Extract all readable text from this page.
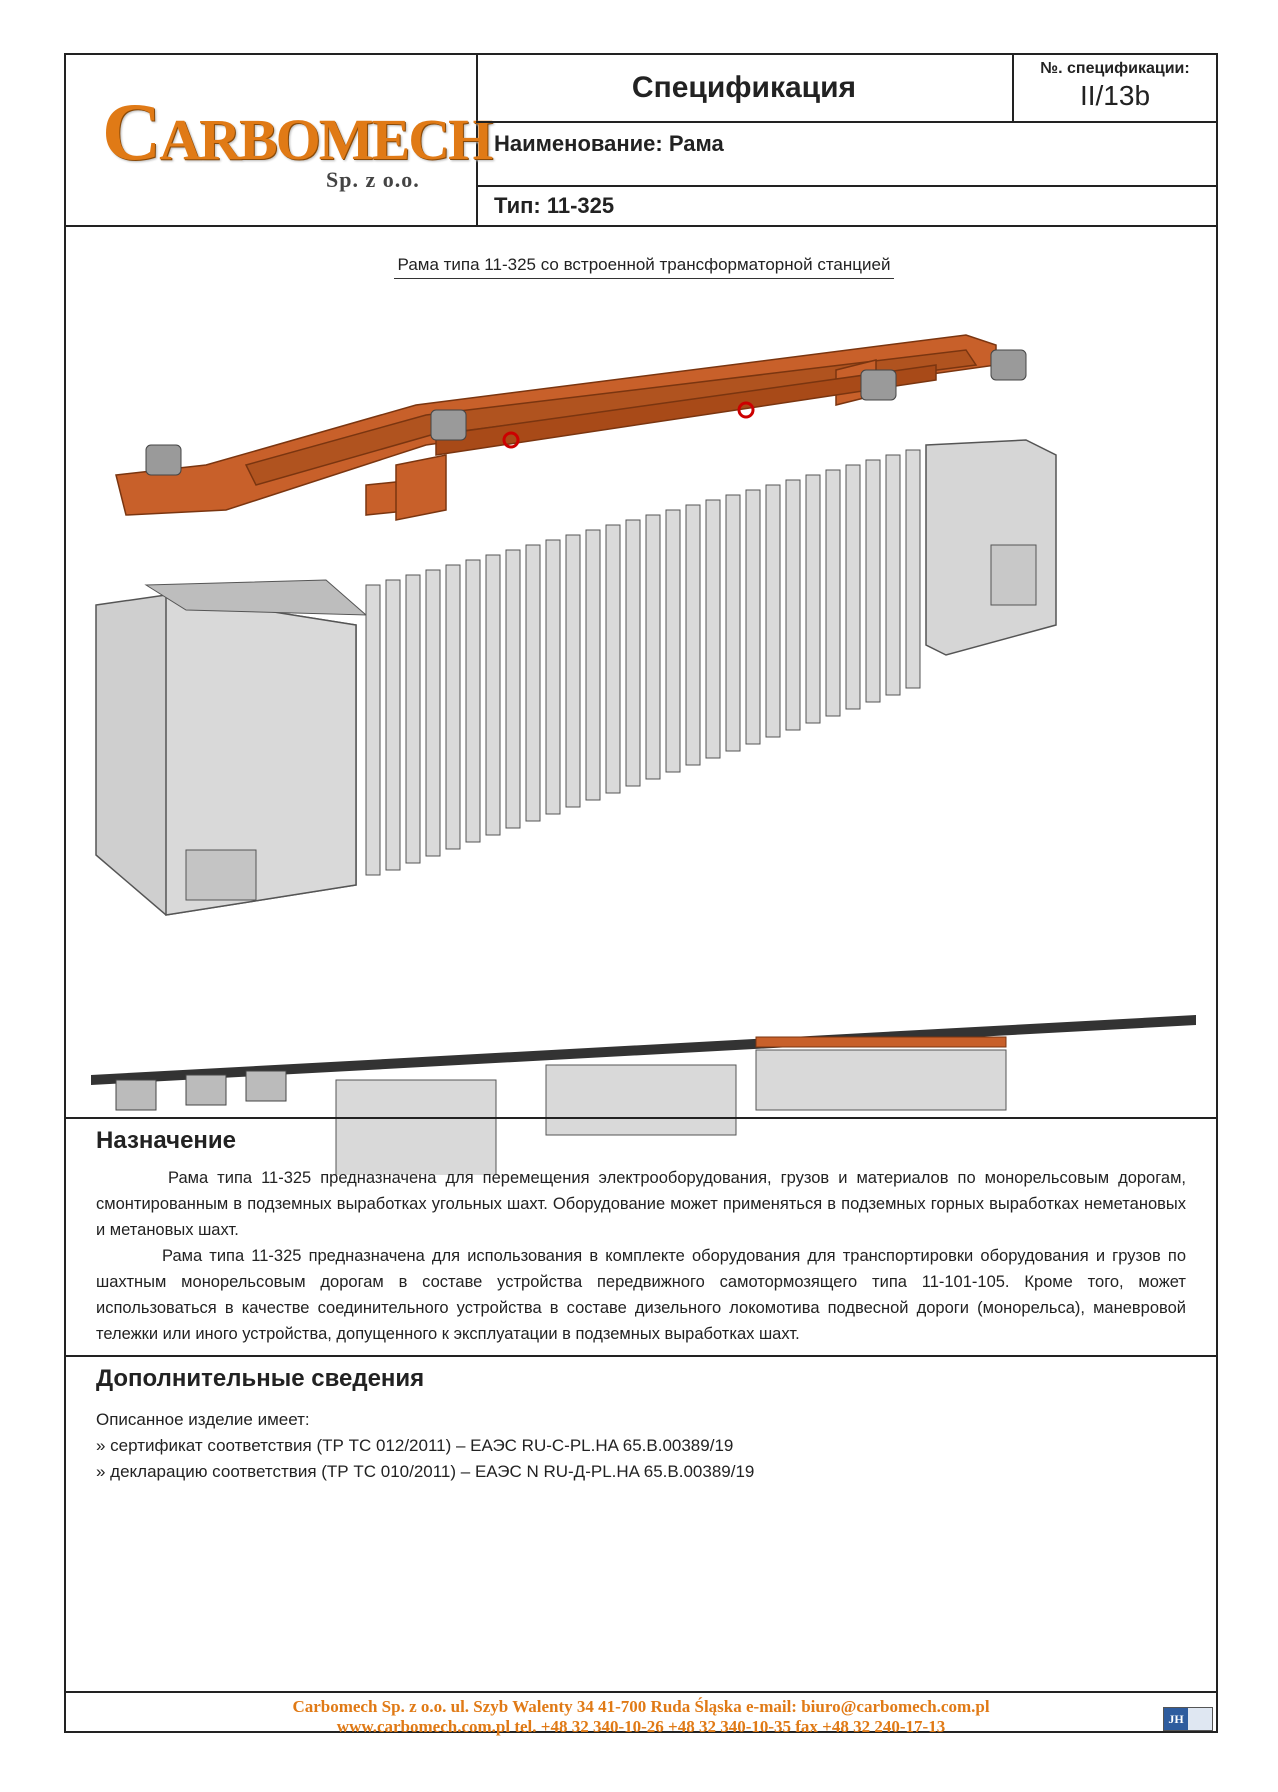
CARBOMECH
Sp. z o.o.
Спецификация
№. спецификации:
II/13b
Наименование: Рама
Тип: 11-325
Рама типа 11-325 со встроенной трансформаторной станцией
Назначение
Рама типа 11-325 предназначена для перемещения электрооборудования, грузов и материалов по монорельсовым дорогам, смонтированным в подземных выработках угольных шахт. Оборудование может применяться в подземных горных выработках неметановых и метановых шахт.
Рама типа 11-325 предназначена для использования в комплекте оборудования для транспортировки оборудования и грузов по шахтным монорельсовым дорогам в составе устройства передвижного самотормозящего типа 11-101-105. Кроме того, может использоваться в качестве соединительного устройства в составе дизельного локомотива подвесной дороги (монорельса), маневровой тележки или иного устройства, допущенного к эксплуатации в подземных выработках шахт.
Дополнительные сведения
Описанное изделие имеет:
» сертификат соответствия (ТР ТС 012/2011) – ЕАЭС RU-C-PL.HA 65.B.00389/19
» декларацию соответствия (ТР ТС 010/2011) – ЕАЭС N RU-Д-PL.HA 65.B.00389/19
Carbomech Sp. z o.o. ul. Szyb Walenty 34 41-700 Ruda Śląska e-mail: biuro@carbomech.com.pl
www.carbomech.com.pl tel. +48 32 340-10-26 +48 32 340-10-35 fax +48 32 240-17-13	JH
